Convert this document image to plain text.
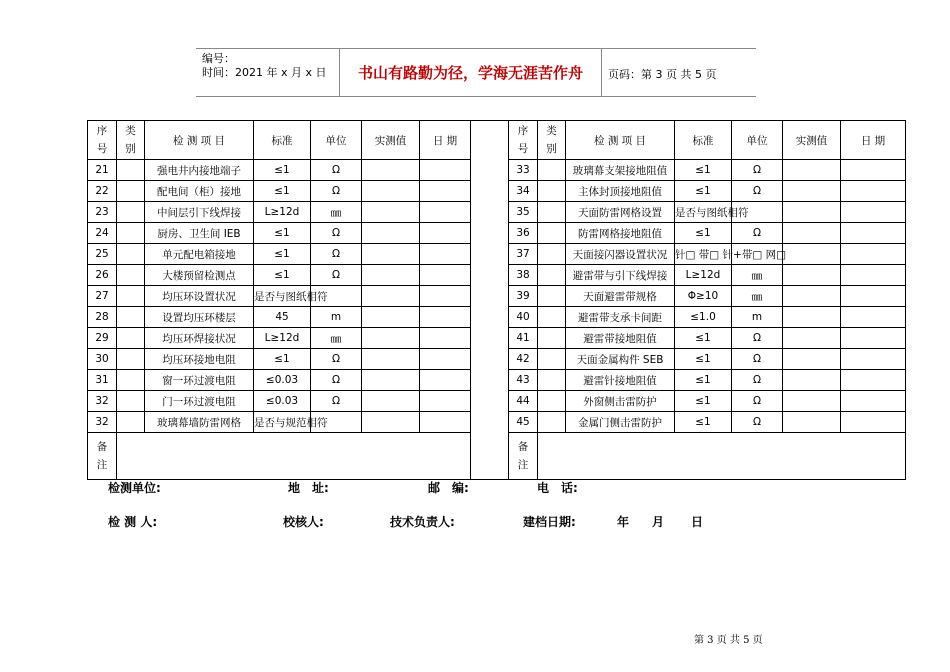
编号：
时间：2021 年 x 月 x 日	书山有路勤为径，学海无涯苦作舟	页码：第 3 页 共 5 页
序号	类别	检 测 项 目	标准	单位	实测值	日 期		序号	类别	检 测 项 目	标准	单位	实测值	日 期
21		强电井内接地端子	≤1	Ω				33		玻璃幕支架接地阻值	≤1	Ω		
22		配电间（柜）接地	≤1	Ω				34		主体封顶接地阻值	≤1	Ω		
23		中间层引下线焊接	L≥12d	㎜				35		天面防雷网格设置	是否与图纸相符			
24		厨房、卫生间 IEB	≤1	Ω				36		防雷网格接地阻值	≤1	Ω		
25		单元配电箱接地	≤1	Ω				37		天面接闪器设置状况	针□ 带□ 针+带□ 网□			
26		大楼预留检测点	≤1	Ω				38		避雷带与引下线焊接	L≥12d	㎜		
27		均压环设置状况	是否与图纸相符					39		天面避雷带规格	Φ≥10	㎜		
28		设置均压环楼层	45	m				40		避雷带支承卡间距	≤1.0	m		
29		均压环焊接状况	L≥12d	㎜				41		避雷带接地阻值	≤1	Ω		
30		均压环接地电阻	≤1	Ω				42		天面金属构件 SEB	≤1	Ω		
31		窗一环过渡电阻	≤0.03	Ω				43		避雷针接地阻值	≤1	Ω		
32		门一环过渡电阻	≤0.03	Ω				44		外窗侧击雷防护	≤1	Ω		
32		玻璃幕墙防雷网格	是否与规范相符					45		金属门侧击雷防护	≤1	Ω		
备注								备注						
检测单位:	地　址:	邮　编:	电　话:
检 测 人:	校核人:	技术负责人:	建档日期:	年 月 日
第 3 页 共 5 页
